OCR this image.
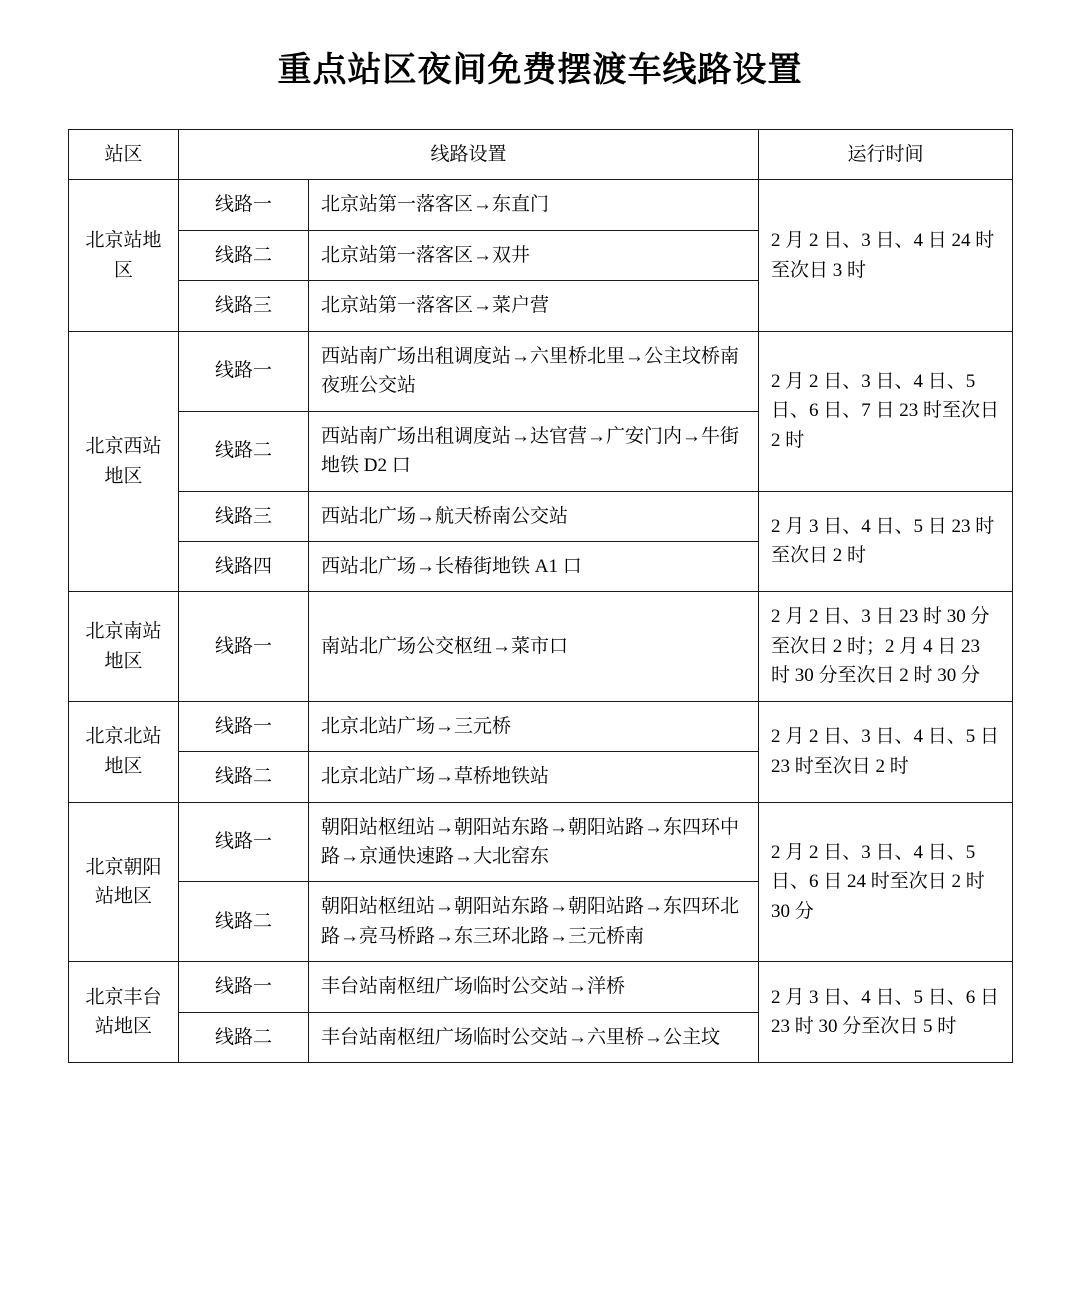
重点站区夜间免费摆渡车线路设置
站区	线路设置		运行时间
北京站地区	线路一	北京站第一落客区→东直门	2 月 2 日、3 日、4 日 24 时至次日 3 时
	线路二	北京站第一落客区→双井	
	线路三	北京站第一落客区→菜户营	
北京西站地区	线路一	西站南广场出租调度站→六里桥北里→公主坟桥南夜班公交站	2 月 2 日、3 日、4 日、5 日、6 日、7 日 23 时至次日 2 时
	线路二	西站南广场出租调度站→达官营→广安门内→牛街地铁 D2 口	
	线路三	西站北广场→航天桥南公交站	2 月 3 日、4 日、5 日 23 时至次日 2 时
	线路四	西站北广场→长椿街地铁 A1 口	
北京南站地区	线路一	南站北广场公交枢纽→菜市口	2 月 2 日、3 日 23 时 30 分至次日 2 时；2 月 4 日 23 时 30 分至次日 2 时 30 分
北京北站地区	线路一	北京北站广场→三元桥	2 月 2 日、3 日、4 日、5 日 23 时至次日 2 时
	线路二	北京北站广场→草桥地铁站	
北京朝阳站地区	线路一	朝阳站枢纽站→朝阳站东路→朝阳站路→东四环中路→京通快速路→大北窑东	2 月 2 日、3 日、4 日、5 日、6 日 24 时至次日 2 时 30 分
	线路二	朝阳站枢纽站→朝阳站东路→朝阳站路→东四环北路→亮马桥路→东三环北路→三元桥南	
北京丰台站地区	线路一	丰台站南枢纽广场临时公交站→洋桥	2 月 3 日、4 日、5 日、6 日 23 时 30 分至次日 5 时
	线路二	丰台站南枢纽广场临时公交站→六里桥→公主坟	
